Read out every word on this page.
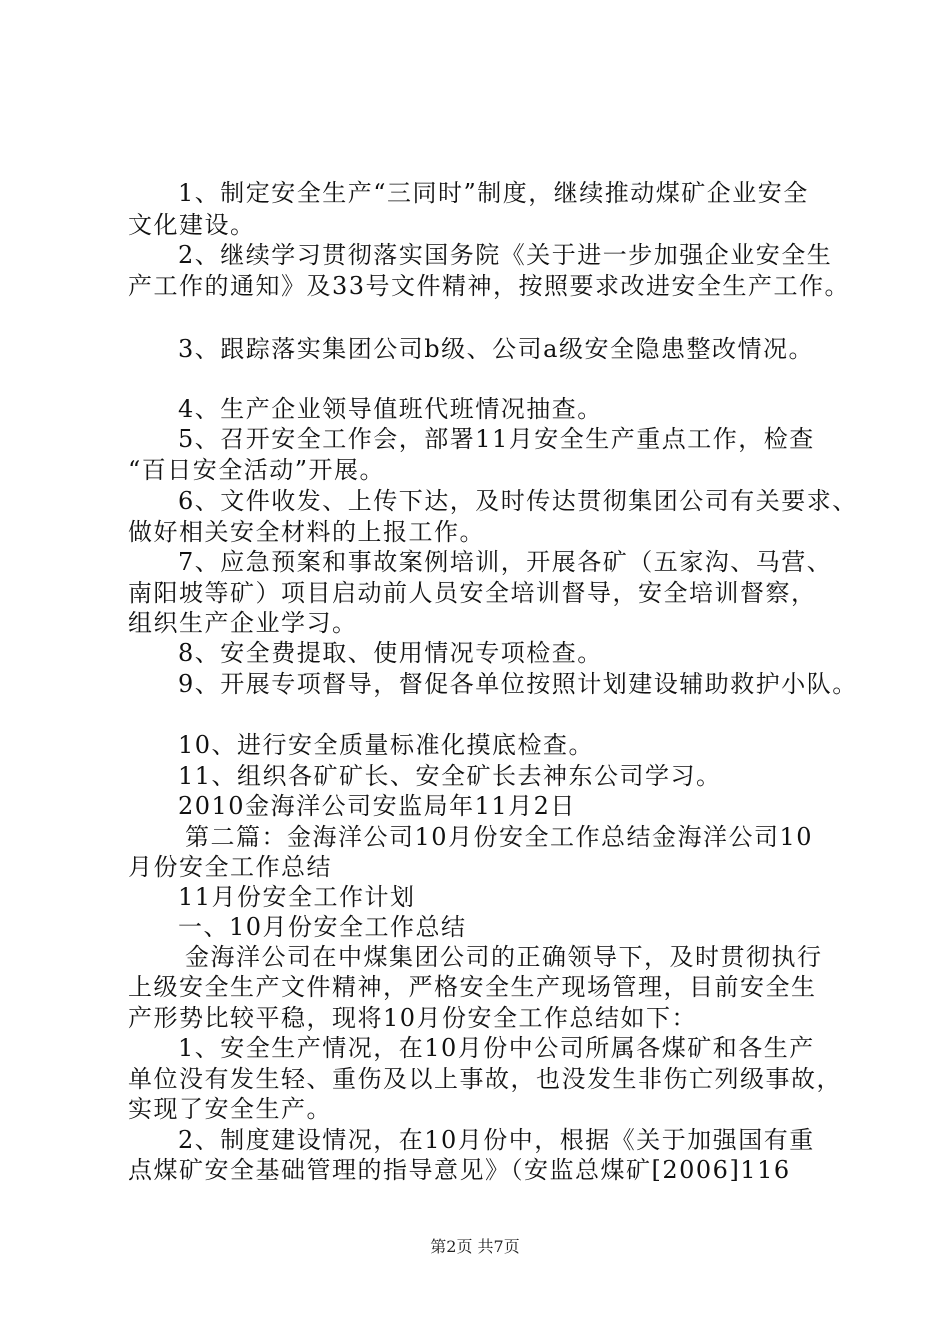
1、制定安全生产“三同时”制度，继续推动煤矿企业安全
文化建设。
2、继续学习贯彻落实国务院《关于进一步加强企业安全生
产工作的通知》及33号文件精神，按照要求改进安全生产工作。
3、跟踪落实集团公司b级、公司a级安全隐患整改情况。
4、生产企业领导值班代班情况抽查。
5、召开安全工作会，部署11月安全生产重点工作，检查
“百日安全活动”开展。
6、文件收发、上传下达，及时传达贯彻集团公司有关要求、
做好相关安全材料的上报工作。
7、应急预案和事故案例培训，开展各矿（五家沟、马营、
南阳坡等矿）项目启动前人员安全培训督导，安全培训督察，
组织生产企业学习。
8、安全费提取、使用情况专项检查。
9、开展专项督导，督促各单位按照计划建设辅助救护小队。
10、进行安全质量标准化摸底检查。
11、组织各矿矿长、安全矿长去神东公司学习。
2010金海洋公司安监局年11月2日
第二篇：金海洋公司10月份安全工作总结金海洋公司10
月份安全工作总结
11月份安全工作计划
一、10月份安全工作总结
金海洋公司在中煤集团公司的正确领导下，及时贯彻执行
上级安全生产文件精神，严格安全生产现场管理，目前安全生
产形势比较平稳，现将10月份安全工作总结如下：
1、安全生产情况，在10月份中公司所属各煤矿和各生产
单位没有发生轻、重伤及以上事故，也没发生非伤亡列级事故，
实现了安全生产。
2、制度建设情况，在10月份中，根据《关于加强国有重
点煤矿安全基础管理的指导意见》（安监总煤矿[2006]116
第2页 共7页
